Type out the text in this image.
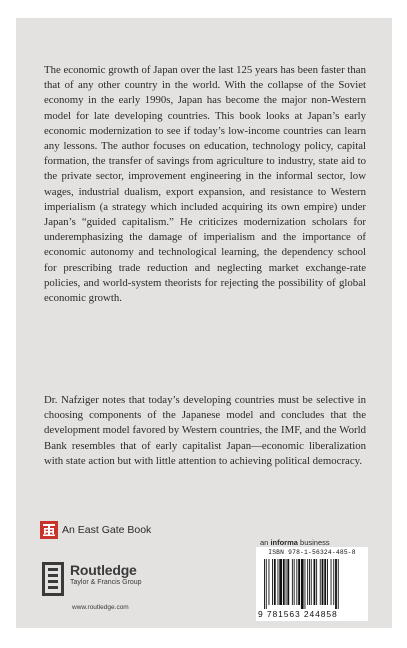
The economic growth of Japan over the last 125 years has been faster than that of any other country in the world. With the collapse of the Soviet economy in the early 1990s, Japan has become the major non-Western model for late developing countries. This book looks at Japan’s early economic modernization to see if today’s low-income countries can learn any lessons. The author focuses on education, technology policy, capital formation, the transfer of savings from agriculture to industry, state aid to the private sector, improvement engineering in the informal sector, low wages, industrial dualism, export expansion, and resistance to Western imperialism (a strategy which included acquiring its own empire) under Japan’s “guided capitalism.” He criticizes modernization scholars for underemphasizing the damage of imperialism and the importance of economic autonomy and technological learning, the dependency school for prescribing trade reduction and neglecting market exchange-rate policies, and world-system theorists for rejecting the possibility of global economic growth.

Dr. Nafziger notes that today’s developing countries must be selective in choosing components of the Japanese model and concludes that the development model favored by Western countries, the IMF, and the World Bank resembles that of early capitalist Japan—economic liberalization with state action but with little attention to achieving political democracy.

An East Gate Book
Routledge
Taylor & Francis Group
www.routledge.com
an informa business
ISBN 978-1-56324-485-8
9 781563 244858
